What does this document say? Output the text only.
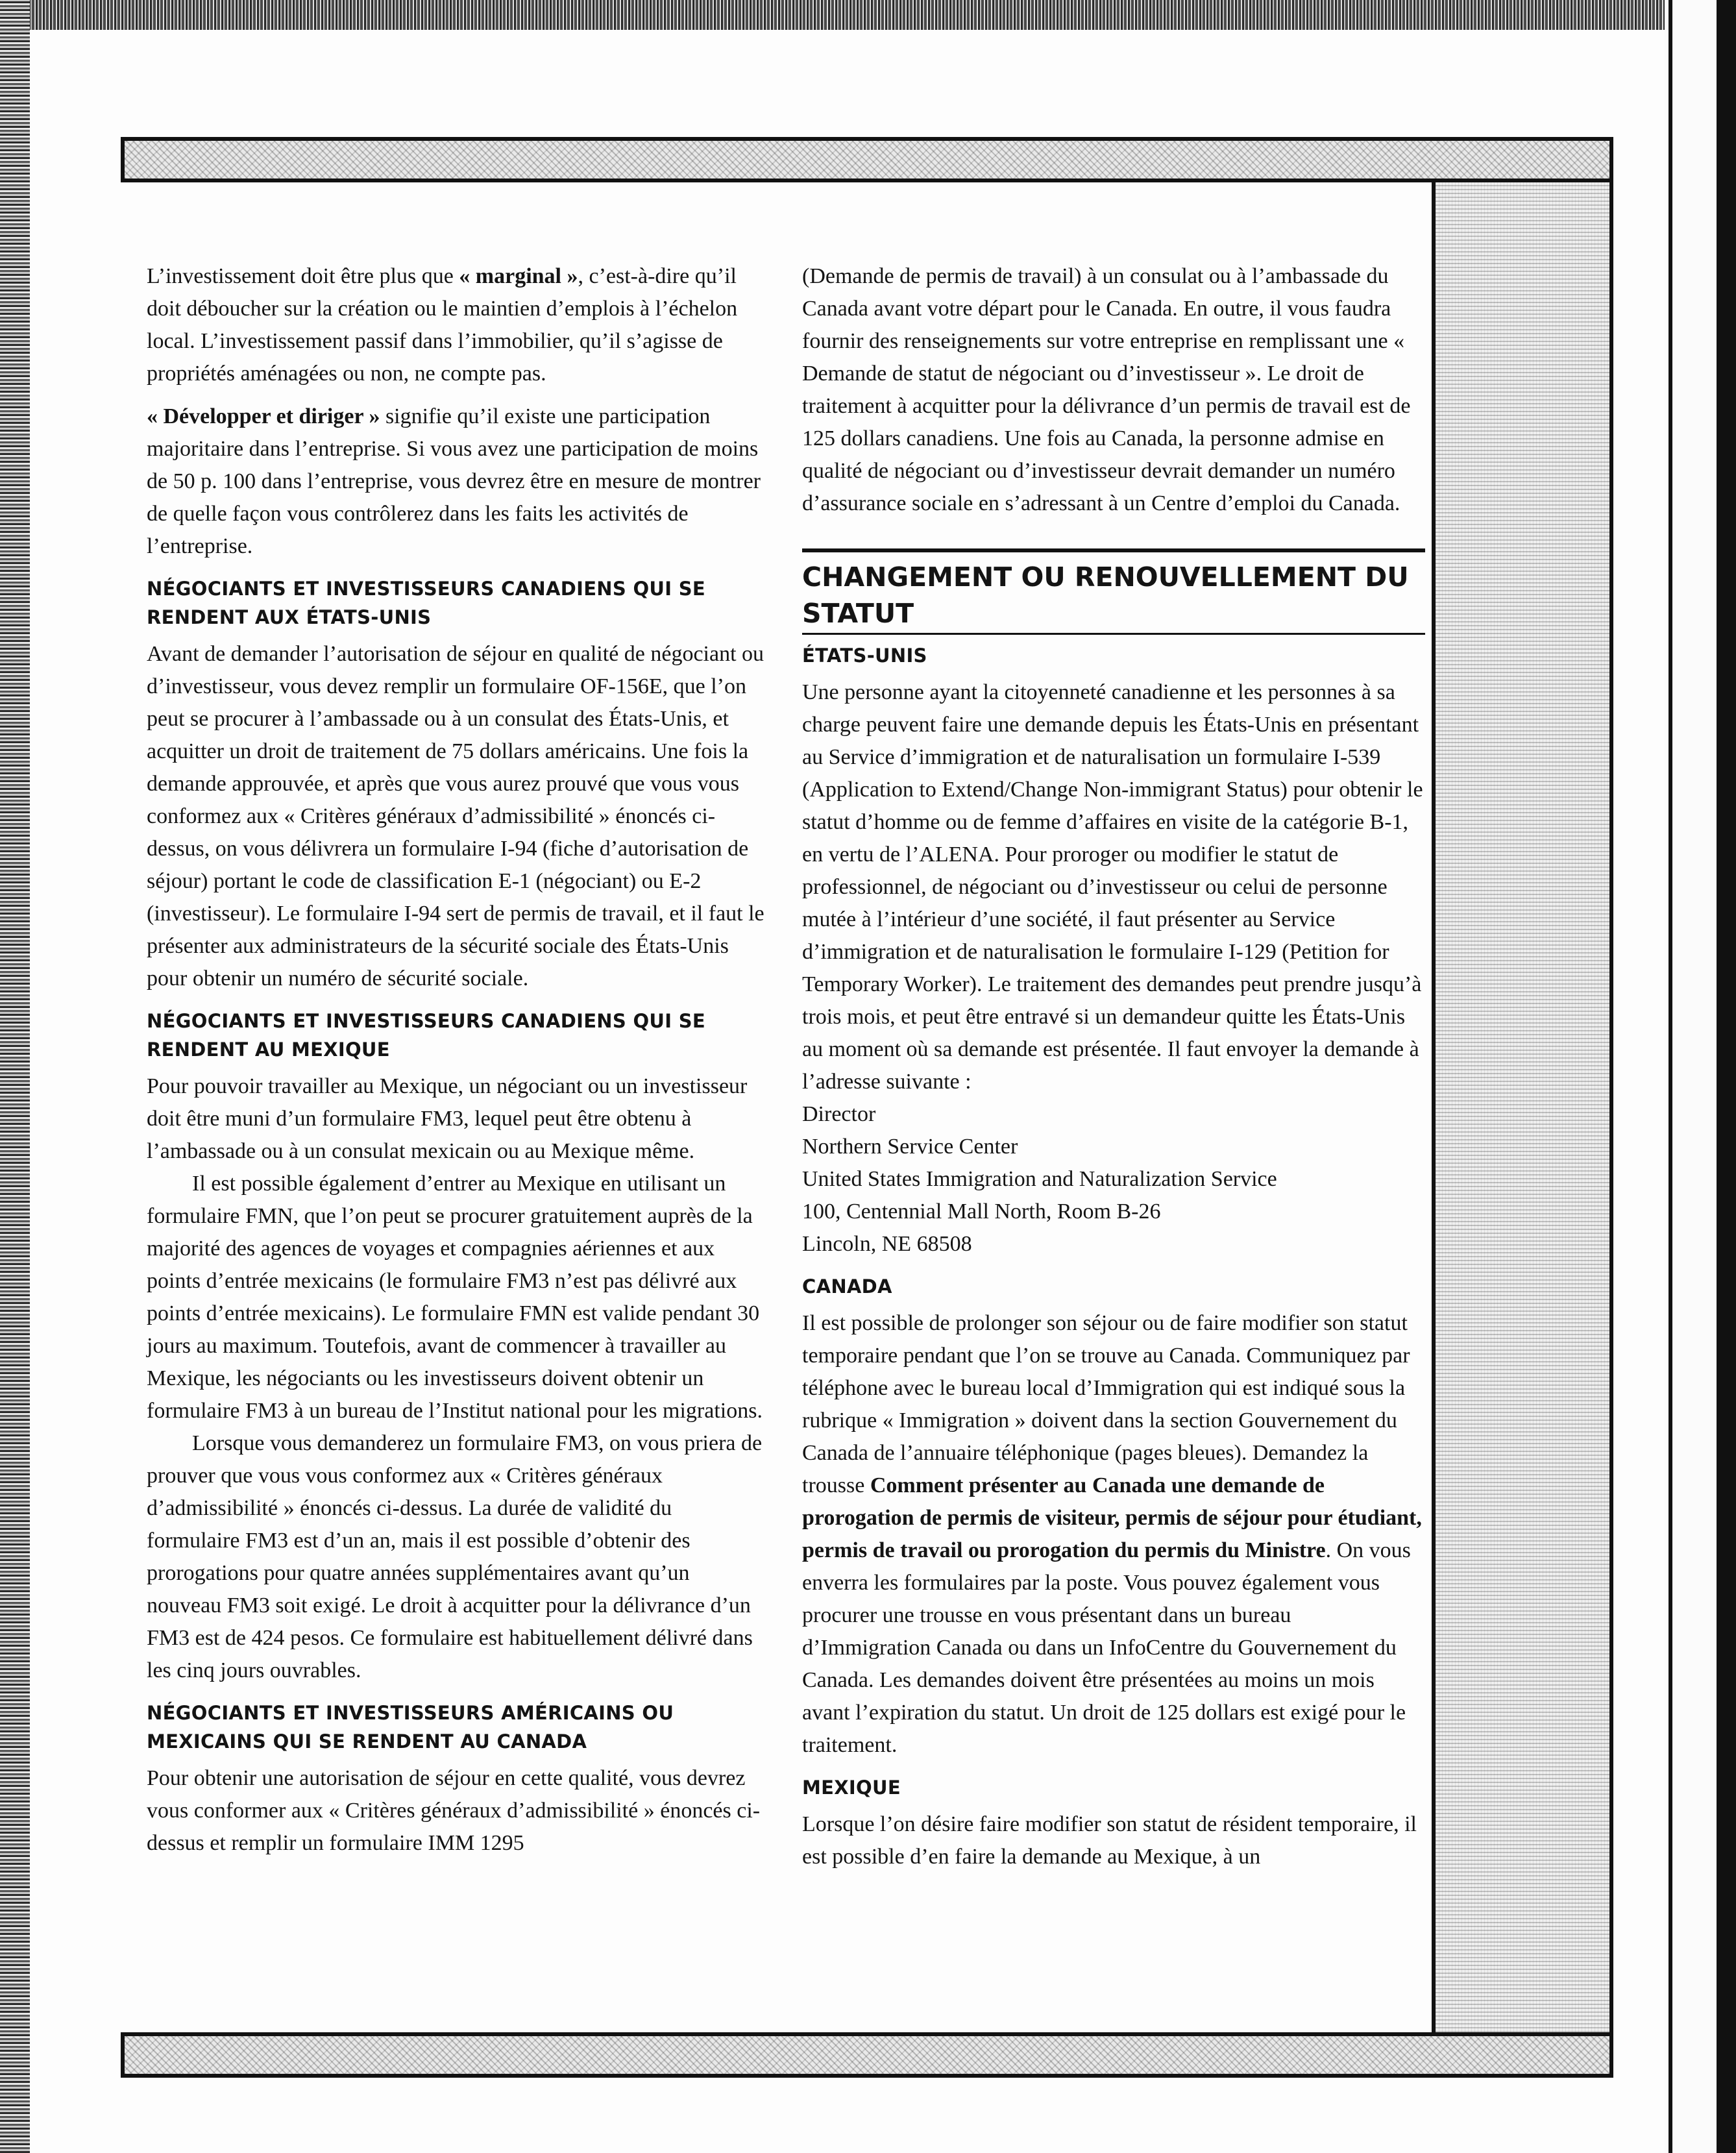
L’investissement doit être plus que « marginal », c’est-à-dire qu’il doit déboucher sur la création ou le maintien d’emplois à l’échelon local. L’investissement passif dans l’immobilier, qu’il s’agisse de propriétés aménagées ou non, ne compte pas.

« Développer et diriger » signifie qu’il existe une participation majoritaire dans l’entreprise. Si vous avez une participation de moins de 50 p. 100 dans l’entreprise, vous devrez être en mesure de montrer de quelle façon vous contrôlerez dans les faits les activités de l’entreprise.

NÉGOCIANTS ET INVESTISSEURS CANADIENS QUI SE RENDENT AUX ÉTATS-UNIS

Avant de demander l’autorisation de séjour en qualité de négociant ou d’investisseur, vous devez remplir un formulaire OF-156E, que l’on peut se procurer à l’ambassade ou à un consulat des États-Unis, et acquitter un droit de traitement de 75 dollars américains. Une fois la demande approuvée, et après que vous aurez prouvé que vous vous conformez aux « Critères généraux d’admissibilité » énoncés ci-dessus, on vous délivrera un formulaire I-94 (fiche d’autorisation de séjour) portant le code de classification E-1 (négociant) ou E-2 (investisseur). Le formulaire I-94 sert de permis de travail, et il faut le présenter aux administrateurs de la sécurité sociale des États-Unis pour obtenir un numéro de sécurité sociale.

NÉGOCIANTS ET INVESTISSEURS CANADIENS QUI SE RENDENT AU MEXIQUE

Pour pouvoir travailler au Mexique, un négociant ou un investisseur doit être muni d’un formulaire FM3, lequel peut être obtenu à l’ambassade ou à un consulat mexicain ou au Mexique même.

Il est possible également d’entrer au Mexique en utilisant un formulaire FMN, que l’on peut se procurer gratuitement auprès de la majorité des agences de voyages et compagnies aériennes et aux points d’entrée mexicains (le formulaire FM3 n’est pas délivré aux points d’entrée mexicains). Le formulaire FMN est valide pendant 30 jours au maximum. Toutefois, avant de commencer à travailler au Mexique, les négociants ou les investisseurs doivent obtenir un formulaire FM3 à un bureau de l’Institut national pour les migrations.

Lorsque vous demanderez un formulaire FM3, on vous priera de prouver que vous vous conformez aux « Critères généraux d’admissibilité » énoncés ci-dessus. La durée de validité du formulaire FM3 est d’un an, mais il est possible d’obtenir des prorogations pour quatre années supplémentaires avant qu’un nouveau FM3 soit exigé. Le droit à acquitter pour la délivrance d’un FM3 est de 424 pesos. Ce formulaire est habituellement délivré dans les cinq jours ouvrables.

NÉGOCIANTS ET INVESTISSEURS AMÉRICAINS OU MEXICAINS QUI SE RENDENT AU CANADA

Pour obtenir une autorisation de séjour en cette qualité, vous devrez vous conformer aux « Critères généraux d’admissibilité » énoncés ci-dessus et remplir un formulaire IMM 1295

(Demande de permis de travail) à un consulat ou à l’ambassade du Canada avant votre départ pour le Canada. En outre, il vous faudra fournir des renseignements sur votre entreprise en remplissant une « Demande de statut de négociant ou d’investisseur ». Le droit de traitement à acquitter pour la délivrance d’un permis de travail est de 125 dollars canadiens. Une fois au Canada, la personne admise en qualité de négociant ou d’investisseur devrait demander un numéro d’assurance sociale en s’adressant à un Centre d’emploi du Canada.

CHANGEMENT OU RENOUVELLEMENT DU STATUT
ÉTATS-UNIS

Une personne ayant la citoyenneté canadienne et les personnes à sa charge peuvent faire une demande depuis les États-Unis en présentant au Service d’immigration et de naturalisation un formulaire I-539 (Application to Extend/Change Non-immigrant Status) pour obtenir le statut d’homme ou de femme d’affaires en visite de la catégorie B-1, en vertu de l’ALENA. Pour proroger ou modifier le statut de professionnel, de négociant ou d’investisseur ou celui de personne mutée à l’intérieur d’une société, il faut présenter au Service d’immigration et de naturalisation le formulaire I-129 (Petition for Temporary Worker). Le traitement des demandes peut prendre jusqu’à trois mois, et peut être entravé si un demandeur quitte les États-Unis au moment où sa demande est présentée. Il faut envoyer la demande à l’adresse suivante :

Director
Northern Service Center
United States Immigration and Naturalization Service
100, Centennial Mall North, Room B-26
Lincoln, NE 68508
CANADA

Il est possible de prolonger son séjour ou de faire modifier son statut temporaire pendant que l’on se trouve au Canada. Communiquez par téléphone avec le bureau local d’Immigration qui est indiqué sous la rubrique « Immigration » doivent dans la section Gouvernement du Canada de l’annuaire téléphonique (pages bleues). Demandez la trousse Comment présenter au Canada une demande de prorogation de permis de visiteur, permis de séjour pour étudiant, permis de travail ou prorogation du permis du Ministre. On vous enverra les formulaires par la poste. Vous pouvez également vous procurer une trousse en vous présentant dans un bureau d’Immigration Canada ou dans un InfoCentre du Gouvernement du Canada. Les demandes doivent être présentées au moins un mois avant l’expiration du statut. Un droit de 125 dollars est exigé pour le traitement.

MEXIQUE

Lorsque l’on désire faire modifier son statut de résident temporaire, il est possible d’en faire la demande au Mexique, à un
